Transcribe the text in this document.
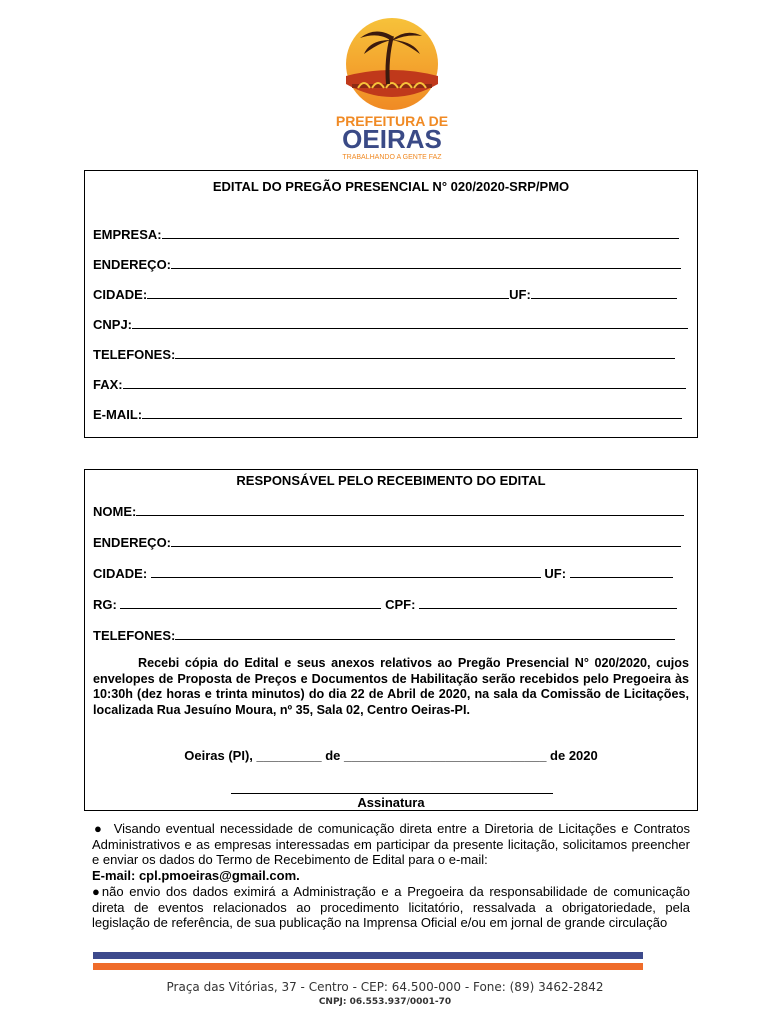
PREFEITURA DE
OEIRAS
TRABALHANDO A GENTE FAZ
EDITAL DO PREGÃO PRESENCIAL N° 020/2020-SRP/PMO
EMPRESA:
ENDEREÇO:
CIDADE:	UF:
CNPJ:
TELEFONES:
FAX:
E-MAIL:
RESPONSÁVEL PELO RECEBIMENTO DO EDITAL
NOME:
ENDEREÇO:
CIDADE:	UF:
RG:	CPF:
TELEFONES:
Recebi cópia do Edital e seus anexos relativos ao Pregão Presencial N° 020/2020, cujos envelopes de Proposta de Preços e Documentos de Habilitação serão recebidos pelo Pregoeira às 10:30h (dez horas e trinta minutos) do dia 22 de Abril de 2020, na sala da Comissão de Licitações, localizada Rua Jesuíno Moura, nº 35, Sala 02, Centro Oeiras-PI.
Oeiras (PI), _________ de ____________________________ de 2020
Assinatura

● Visando eventual necessidade de comunicação direta entre a Diretoria de Licitações e Contratos Administrativos e as empresas interessadas em participar da presente licitação, solicitamos preencher e enviar os dados do Termo de Recebimento de Edital para o e-mail:

E-mail: cpl.pmoeiras@gmail.com.

●não envio dos dados eximirá a Administração e a Pregoeira da responsabilidade de comunicação direta de eventos relacionados ao procedimento licitatório, ressalvada a obrigatoriedade, pela legislação de referência, de sua publicação na Imprensa Oficial e/ou em jornal de grande circulação

Praça das Vitórias, 37 - Centro - CEP: 64.500-000 - Fone: (89) 3462-2842
CNPJ: 06.553.937/0001-70
